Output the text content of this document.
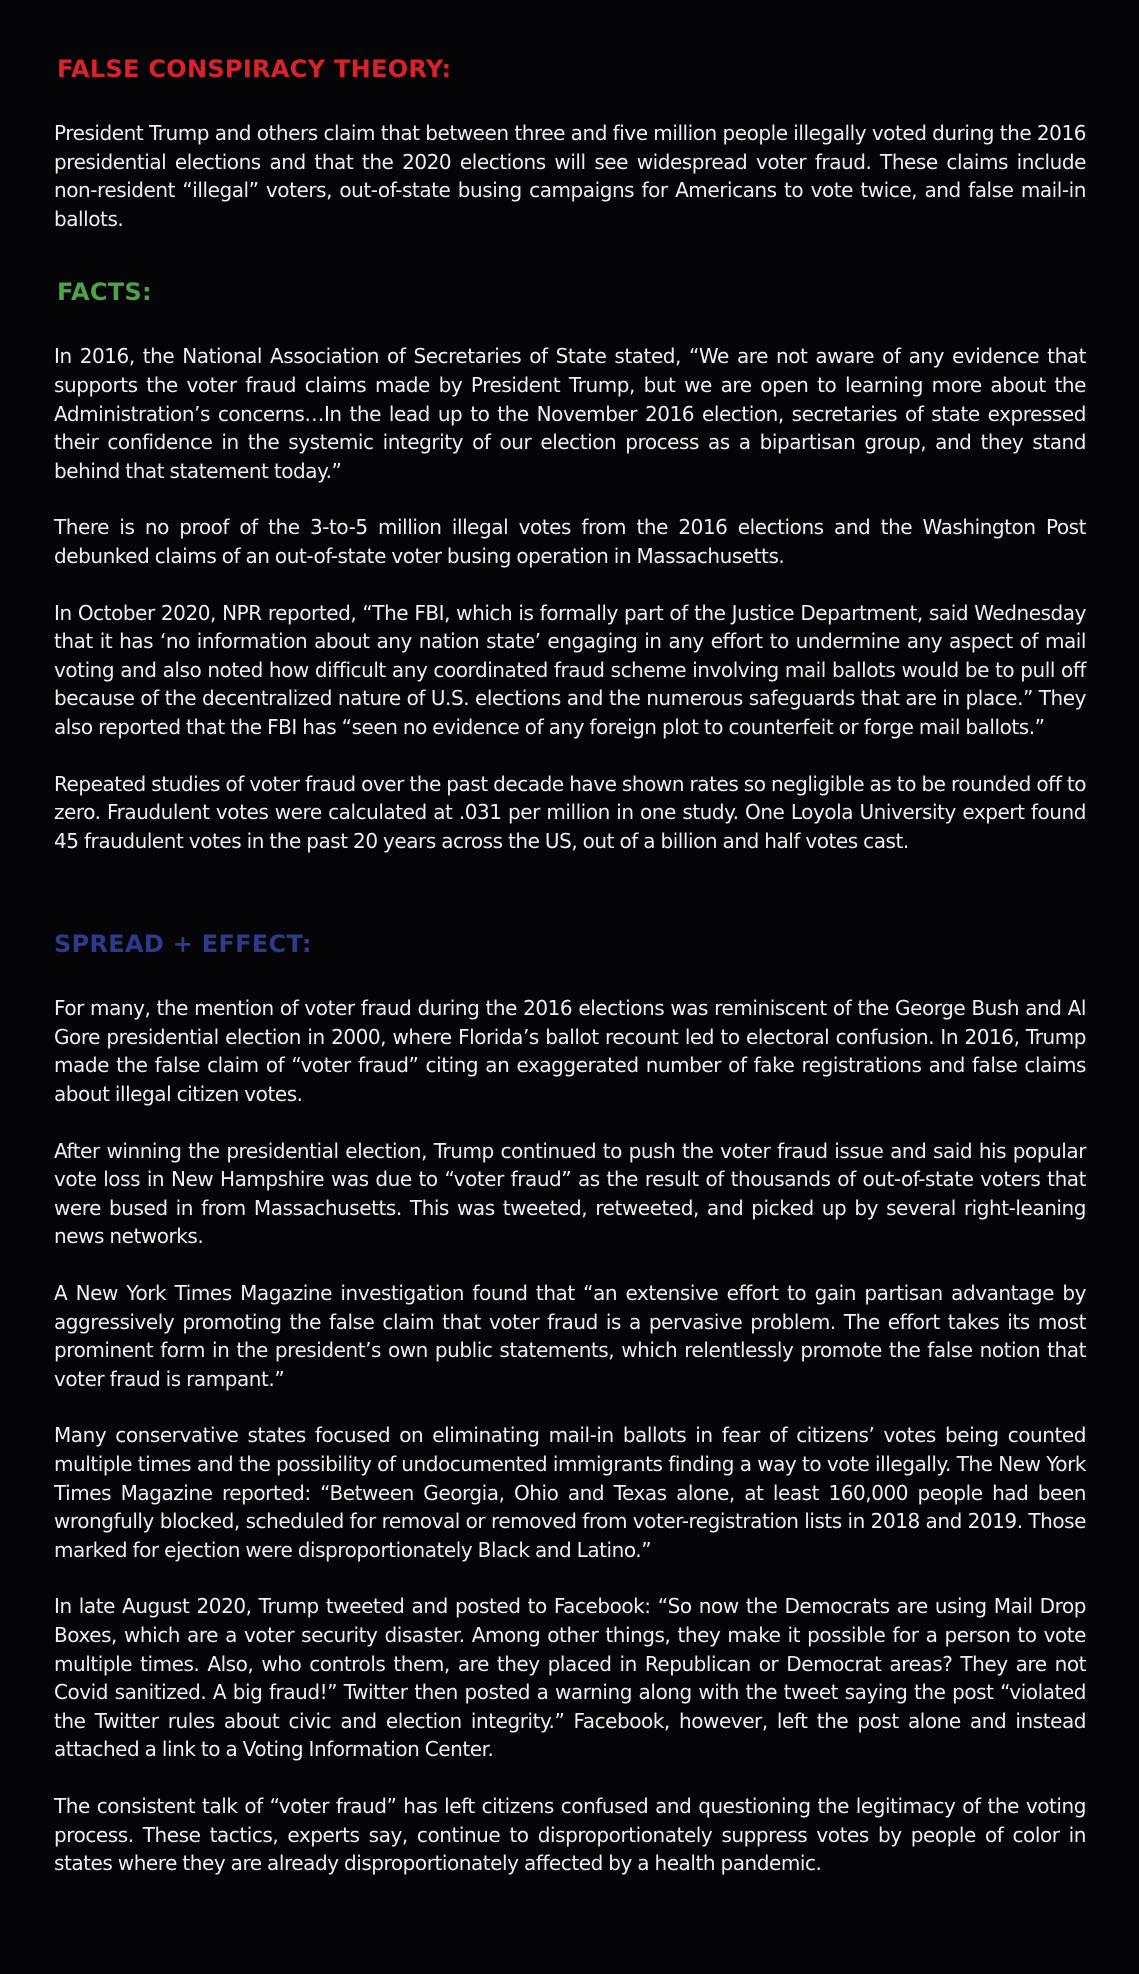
FALSE CONSPIRACY THEORY:

President Trump and others claim that between three and five million people illegally voted during the 2016 presidential elections and that the 2020 elections will see widespread voter fraud. These claims include non-resident “illegal” voters, out-of-state busing campaigns for Americans to vote twice, and false mail-in ballots.

FACTS:

In 2016, the National Association of Secretaries of State stated, “We are not aware of any evidence that supports the voter fraud claims made by President Trump, but we are open to learning more about the Administration’s concerns…In the lead up to the November 2016 election, secretaries of state expressed their confidence in the systemic integrity of our election process as a bipartisan group, and they stand behind that statement today.”

There is no proof of the 3-to-5 million illegal votes from the 2016 elections and the Washington Post debunked claims of an out-of-state voter busing operation in Massachusetts.

In October 2020, NPR reported, “The FBI, which is formally part of the Justice Department, said Wednesday that it has ‘no information about any nation state’ engaging in any effort to undermine any aspect of mail voting and also noted how difficult any coordinated fraud scheme involving mail ballots would be to pull off because of the decentralized nature of U.S. elections and the numerous safeguards that are in place.” They also reported that the FBI has “seen no evidence of any foreign plot to counterfeit or forge mail ballots.”

Repeated studies of voter fraud over the past decade have shown rates so negligible as to be rounded off to zero. Fraudulent votes were calculated at .031 per million in one study. One Loyola University expert found 45 fraudulent votes in the past 20 years across the US, out of a billion and half votes cast.

SPREAD + EFFECT:

For many, the mention of voter fraud during the 2016 elections was reminiscent of the George Bush and Al Gore presidential election in 2000, where Florida’s ballot recount led to electoral confusion. In 2016, Trump made the false claim of “voter fraud” citing an exaggerated number of fake registrations and false claims about illegal citizen votes.

After winning the presidential election, Trump continued to push the voter fraud issue and said his popular vote loss in New Hampshire was due to “voter fraud” as the result of thousands of out-of-state voters that were bused in from Massachusetts. This was tweeted, retweeted, and picked up by several right-leaning news networks.

A New York Times Magazine investigation found that “an extensive effort to gain partisan advantage by aggressively promoting the false claim that voter fraud is a pervasive problem. The effort takes its most prominent form in the president’s own public statements, which relentlessly promote the false notion that voter fraud is rampant.”

Many conservative states focused on eliminating mail-in ballots in fear of citizens’ votes being counted multiple times and the possibility of undocumented immigrants finding a way to vote illegally. The New York Times Magazine reported: “Between Georgia, Ohio and Texas alone, at least 160,000 people had been wrongfully blocked, scheduled for removal or removed from voter-registration lists in 2018 and 2019. Those marked for ejection were disproportionately Black and Latino.”

In late August 2020, Trump tweeted and posted to Facebook: “So now the Democrats are using Mail Drop Boxes, which are a voter security disaster. Among other things, they make it possible for a person to vote multiple times. Also, who controls them, are they placed in Republican or Democrat areas? They are not Covid sanitized. A big fraud!” Twitter then posted a warning along with the tweet saying the post “violated the Twitter rules about civic and election integrity.” Facebook, however, left the post alone and instead attached a link to a Voting Information Center.

The consistent talk of “voter fraud” has left citizens confused and questioning the legitimacy of the voting process. These tactics, experts say, continue to disproportionately suppress votes by people of color in states where they are already disproportionately affected by a health pandemic.
